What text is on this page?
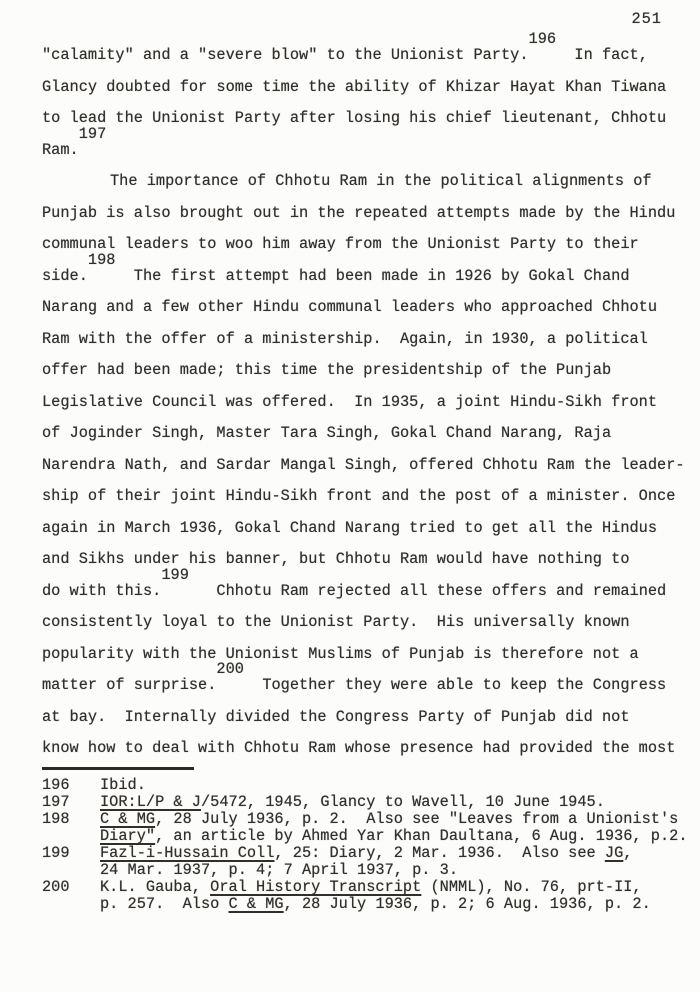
251
"calamity" and a "severe blow" to the Unionist Party.196  In fact,
Glancy doubted for some time the ability of Khizar Hayat Khan Tiwana
to lead the Unionist Party after losing his chief lieutenant, Chhotu
Ram.197
The importance of Chhotu Ram in the political alignments of
Punjab is also brought out in the repeated attempts made by the Hindu
communal leaders to woo him away from the Unionist Party to their
side.198  The first attempt had been made in 1926 by Gokal Chand
Narang and a few other Hindu communal leaders who approached Chhotu
Ram with the offer of a ministership.  Again, in 1930, a political
offer had been made; this time the presidentship of the Punjab
Legislative Council was offered.  In 1935, a joint Hindu-Sikh front
of Joginder Singh, Master Tara Singh, Gokal Chand Narang, Raja
Narendra Nath, and Sardar Mangal Singh, offered Chhotu Ram the leader-
ship of their joint Hindu-Sikh front and the post of a minister. Once
again in March 1936, Gokal Chand Narang tried to get all the Hindus
and Sikhs under his banner, but Chhotu Ram would have nothing to
do with this.199   Chhotu Ram rejected all these offers and remained
consistently loyal to the Unionist Party.  His universally known
popularity with the Unionist Muslims of Punjab is therefore not a
matter of surprise.200  Together they were able to keep the Congress
at bay.  Internally divided the Congress Party of Punjab did not
know how to deal with Chhotu Ram whose presence had provided the most
196 Ibid.
197 IOR:L/P & J/5472, 1945, Glancy to Wavell, 10 June 1945.
198 C & MG, 28 July 1936, p. 2.  Also see "Leaves from a Unionist's
Diary", an article by Ahmed Yar Khan Daultana, 6 Aug. 1936, p.2.
199 Fazl-i-Hussain Coll, 25: Diary, 2 Mar. 1936.  Also see JG,
24 Mar. 1937, p. 4; 7 April 1937, p. 3.
200 K.L. Gauba, Oral History Transcript (NMML), No. 76, prt-II,
p. 257.  Also C & MG, 28 July 1936, p. 2; 6 Aug. 1936, p. 2.
